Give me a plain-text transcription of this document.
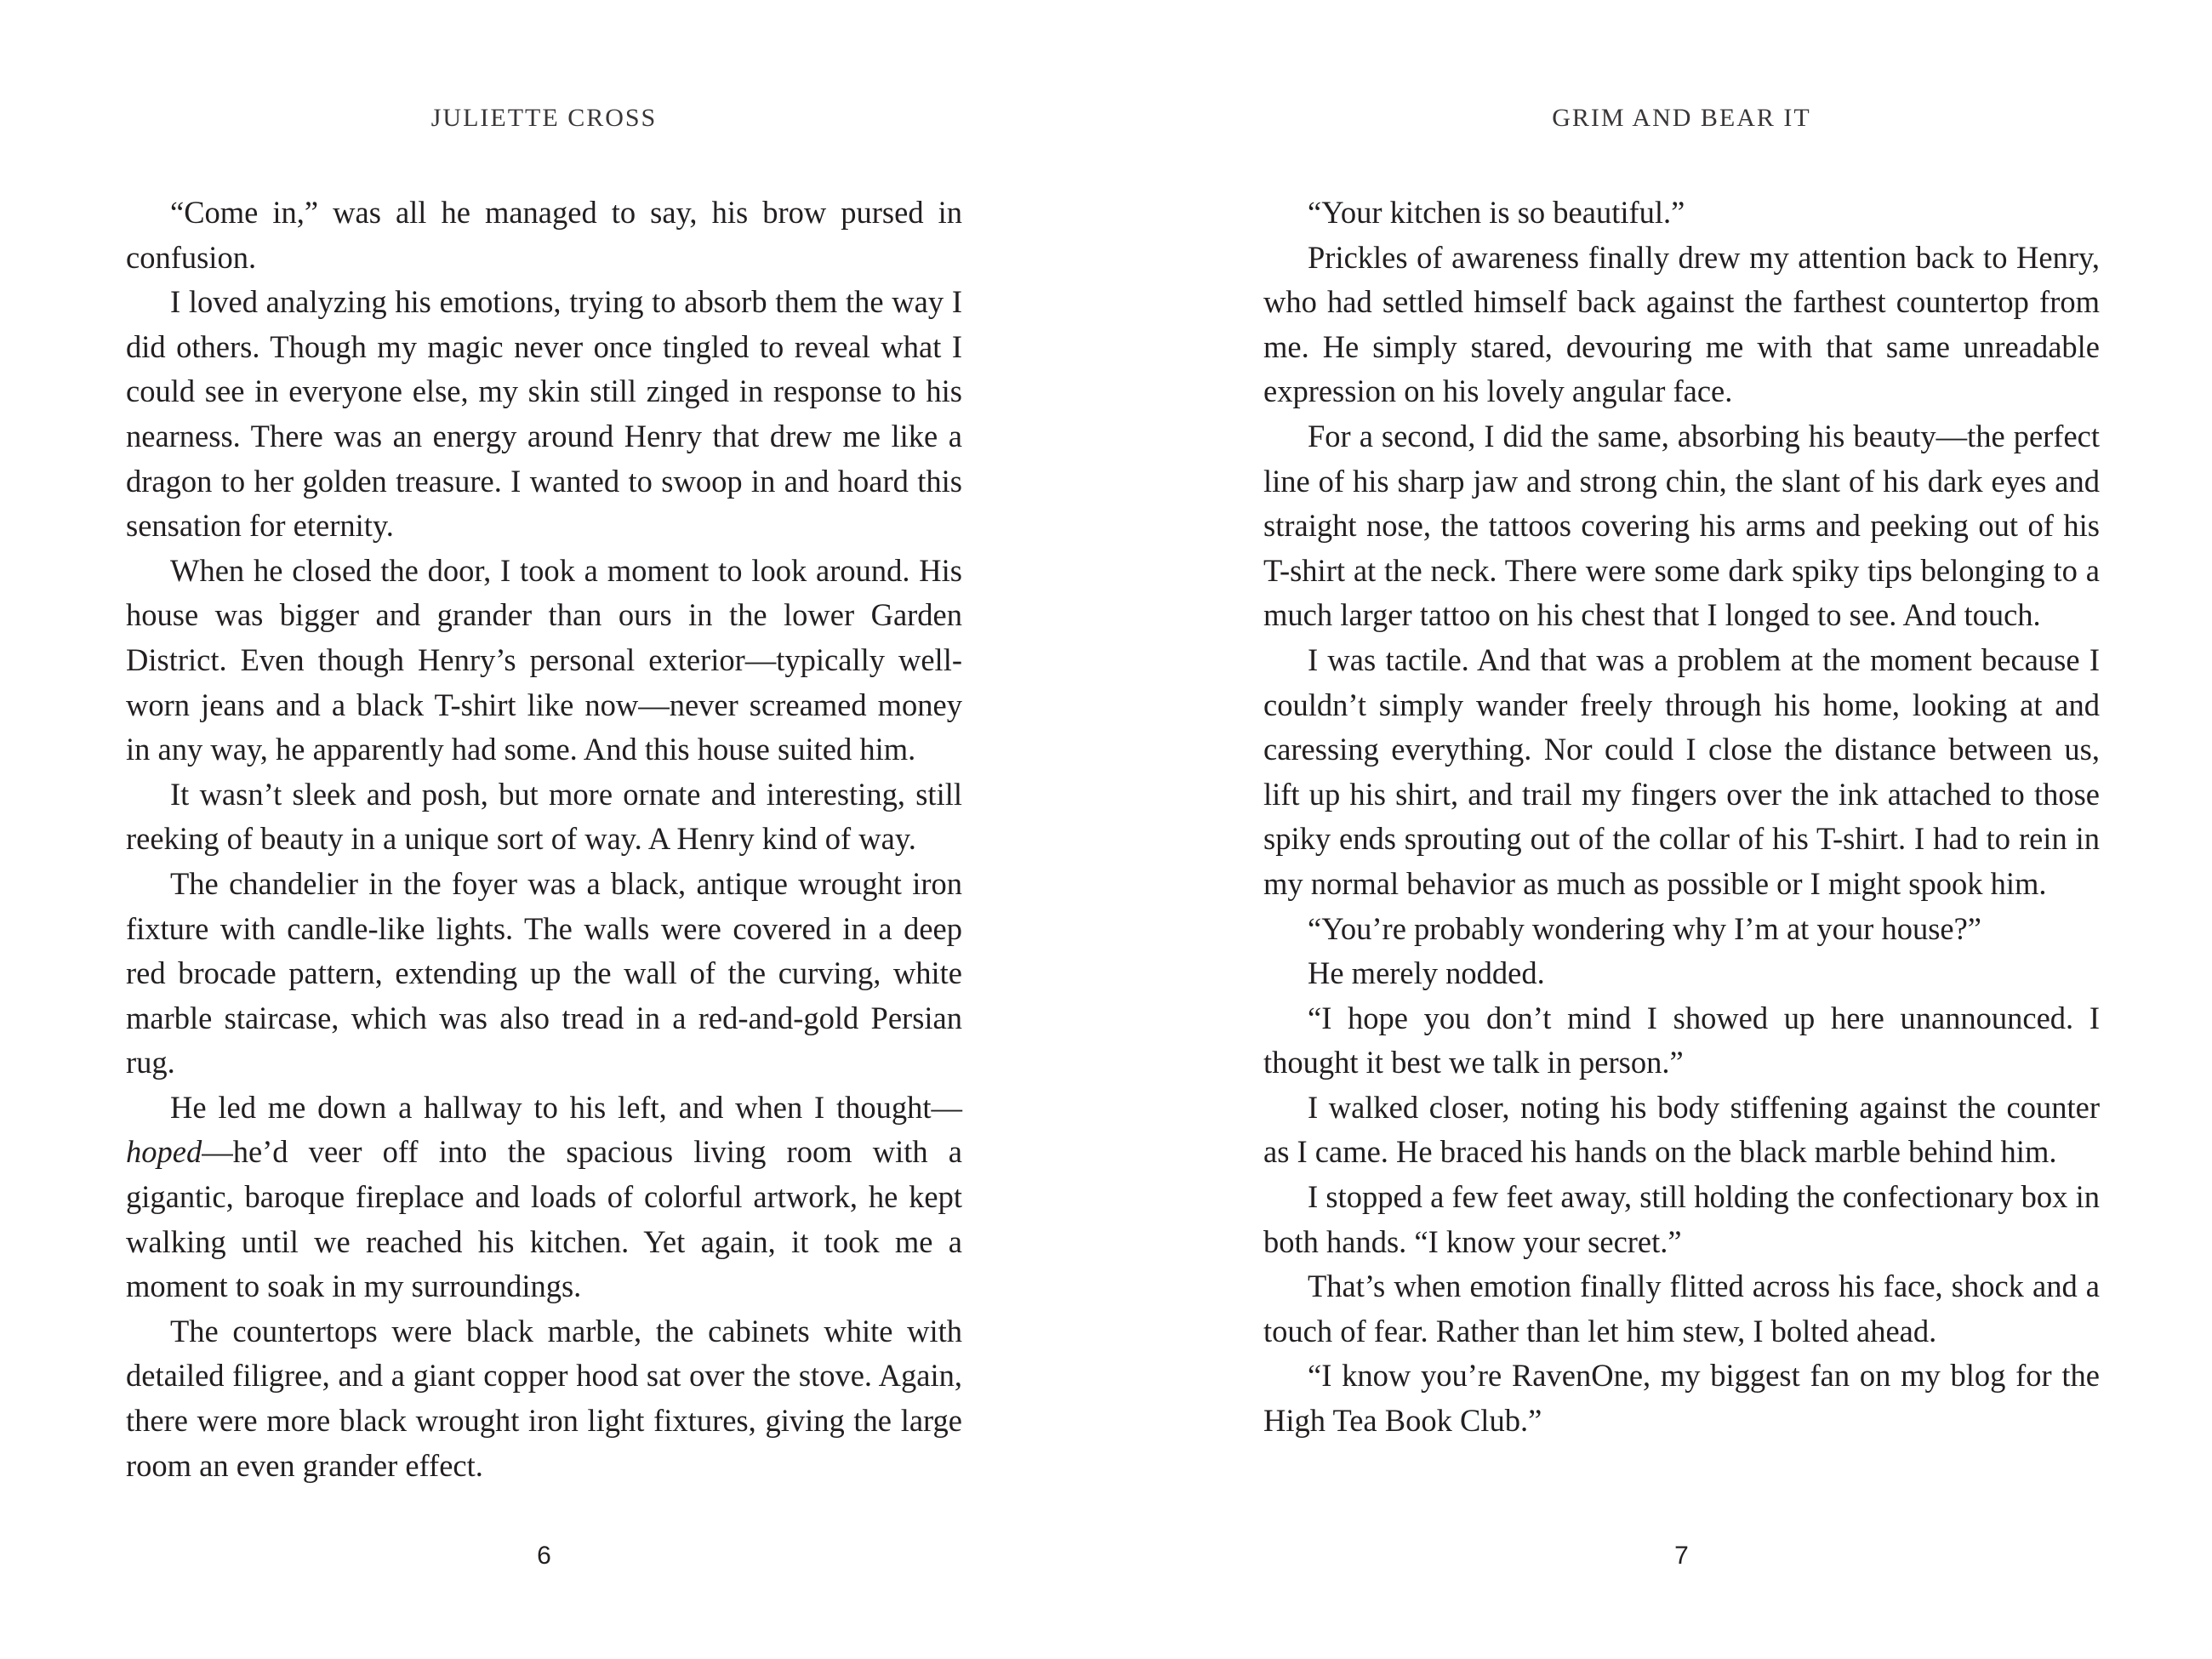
JULIETTE CROSS

“Come in,” was all he managed to say, his brow pursed in confusion.

I loved analyzing his emotions, trying to absorb them the way I did others. Though my magic never once tingled to reveal what I could see in everyone else, my skin still zinged in response to his nearness. There was an energy around Henry that drew me like a dragon to her golden treasure. I wanted to swoop in and hoard this sensation for eternity.

When he closed the door, I took a moment to look around. His house was bigger and grander than ours in the lower Garden District. Even though Henry’s personal exterior—typically well-worn jeans and a black T-shirt like now—never screamed money in any way, he apparently had some. And this house suited him.

It wasn’t sleek and posh, but more ornate and interesting, still reeking of beauty in a unique sort of way. A Henry kind of way.

The chandelier in the foyer was a black, antique wrought iron fixture with candle-like lights. The walls were covered in a deep red brocade pattern, extending up the wall of the curving, white marble staircase, which was also tread in a red-and-gold Persian rug.

He led me down a hallway to his left, and when I thought—hoped—he’d veer off into the spacious living room with a gigantic, baroque fireplace and loads of colorful artwork, he kept walking until we reached his kitchen. Yet again, it took me a moment to soak in my surroundings.

The countertops were black marble, the cabinets white with detailed filigree, and a giant copper hood sat over the stove. Again, there were more black wrought iron light fixtures, giving the large room an even grander effect.

6
GRIM AND BEAR IT

“Your kitchen is so beautiful.”

Prickles of awareness finally drew my attention back to Henry, who had settled himself back against the farthest countertop from me. He simply stared, devouring me with that same unreadable expression on his lovely angular face.

For a second, I did the same, absorbing his beauty—the perfect line of his sharp jaw and strong chin, the slant of his dark eyes and straight nose, the tattoos covering his arms and peeking out of his T-shirt at the neck. There were some dark spiky tips belonging to a much larger tattoo on his chest that I longed to see. And touch.

I was tactile. And that was a problem at the moment because I couldn’t simply wander freely through his home, looking at and caressing everything. Nor could I close the distance between us, lift up his shirt, and trail my fingers over the ink attached to those spiky ends sprouting out of the collar of his T-shirt. I had to rein in my normal behavior as much as possible or I might spook him.

“You’re probably wondering why I’m at your house?”

He merely nodded.

“I hope you don’t mind I showed up here unannounced. I thought it best we talk in person.”

I walked closer, noting his body stiffening against the counter as I came. He braced his hands on the black marble behind him.

I stopped a few feet away, still holding the confectionary box in both hands. “I know your secret.”

That’s when emotion finally flitted across his face, shock and a touch of fear. Rather than let him stew, I bolted ahead.

“I know you’re RavenOne, my biggest fan on my blog for the High Tea Book Club.”

7
